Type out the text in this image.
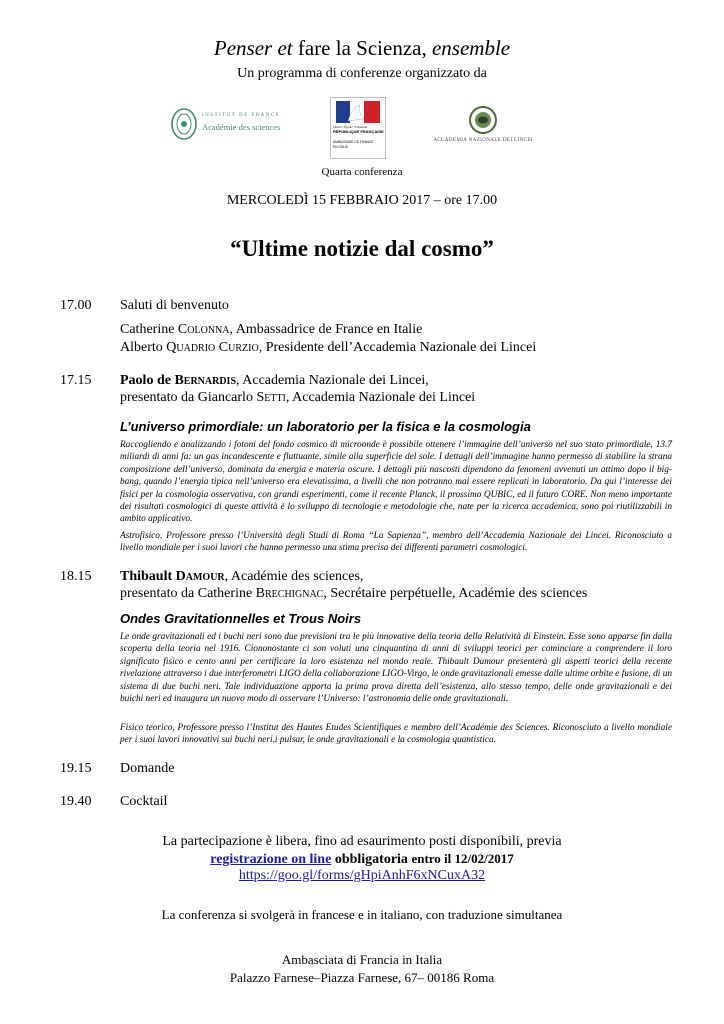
Penser et fare la Scienza, ensemble
Un programma di conferenze organizzato da
INSTITUT DE FRANCE
Académie des sciences	Liberté • Égalité • Fraternité
RÉPUBLIQUE FRANÇAISE
AMBASSADE DE FRANCE
EN ITALIE
ACCADEMIA NAZIONALE DEI LINCEI
Quarta conferenza
MERCOLEDÌ 15 FEBBRAIO 2017 – ore 17.00
“Ultime notizie dal cosmo”
17.00	Saluti di benvenuto
Catherine Colonna, Ambassadrice de France en Italie
Alberto Quadrio Curzio, Presidente dell’Accademia Nazionale dei Lincei
17.15	Paolo de Bernardis, Accademia Nazionale dei Lincei,
presentato da Giancarlo Setti, Accademia Nazionale dei Lincei
L’universo primordiale: un laboratorio per la fisica e la cosmologia
Raccogliendo e analizzando i fotoni del fondo cosmico di microonde è possibile ottenere l’immagine dell’universo nel suo stato primordiale, 13.7 miliardi di anni fa: un gas incandescente e fluttuante, simile alla superficie del sole. I dettagli dell’immagine hanno permesso di stabilire la strana composizione dell’universo, dominata da energia e materia oscure. I dettagli più nascosti dipendono da fenomeni avvenuti un attimo dopo il big-bang, quando l’energia tipica nell’universo era elevatissima, a livelli che non potranno mai essere replicati in laboratorio. Da qui l’interesse dei fisici per la cosmologia osservativa, con grandi esperimenti, come il recente Planck, il prossimo QUBIC, ed il futuro CORE. Non meno importante dei risultati cosmologici di queste attività è lo sviluppo di tecnologie e metodologie che, nate per la ricerca accademica, sono poi riutilizzabili in ambito applicativo.
Astrofisico, Professore presso l’Università degli Studi di Roma “La Sapienza”, membro dell’Accademia Nazionale dei Lincei. Riconosciuto a livello mondiale per i suoi lavori che hanno permesso una stima precisa dei differenti parametri cosmologici.
18.15	Thibault Damour, Académie des sciences,
presentato da Catherine Brechignac, Secrétaire perpétuelle, Académie des sciences
Ondes Gravitationnelles et Trous Noirs
Le onde gravitazionali ed i buchi neri sono due previsioni tra le più innovative della teoria della Relatività di Einstein. Esse sono apparse fin dalla scoperta della teoria nel 1916. Ciononostante ci son voluti una cinquantina di anni di sviluppi teorici per cominciare a comprendere il loro significato fisico e cento anni per certificare la loro esistenza nel mondo reale. Thibault Damour presenterà gli aspetti teorici della recente rivelazione attraverso i due interferometri LIGO della collaborazione LIGO-Virgo, le onde gravitazionali emesse dalle ultime orbite e fusione, di un sistema di due buchi neri. Tale individuazione apporta la prima prova diretta dell’esistenza, allo stesso tempo, delle onde gravitazionali e dei buichi neri ed inaugura un nuovo modo di osservare l’Universo: l’astronomia delle onde gravitazionali.
Fisico teorico, Professore presso l’Institut des Hautes Etudes Scientifiques e membro dell’Académie des Sciences. Riconosciuto a livello mondiale per i suoi lavori innovativi sui buchi neri,i pulsar, le onde gravitazionali e la cosmologia quantistica.
19.15	Domande
19.40	Cocktail
La partecipazione è libera, fino ad esaurimento posti disponibili, previa
registrazione on line obbligatoria entro il 12/02/2017
https://goo.gl/forms/gHpiAnhF6xNCuxA32
La conferenza si svolgerà in francese e in italiano, con traduzione simultanea
Ambasciata di Francia in Italia
Palazzo Farnese–Piazza Farnese, 67– 00186 Roma
